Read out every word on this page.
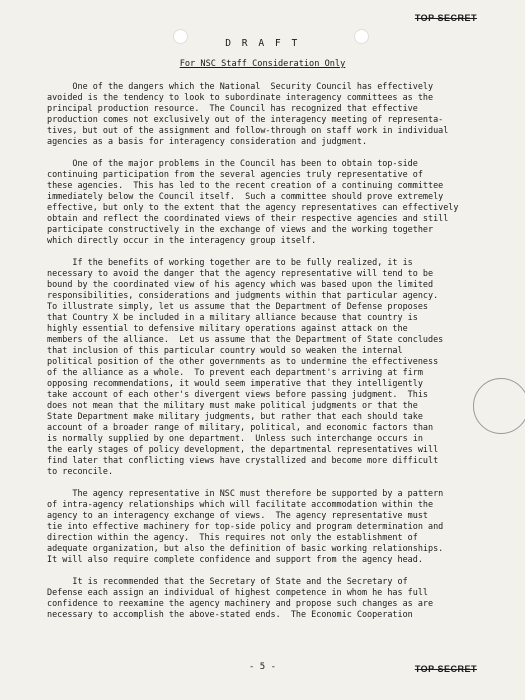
TOP SECRET
D R A F T
For NSC Staff Consideration Only

One of the dangers which the National  Security Council has effectively
avoided is the tendency to look to subordinate interagency committees as the
principal production resource.  The Council has recognized that effective
production comes not exclusively out of the interagency meeting of representa-
tives, but out of the assignment and follow-through on staff work in individual
agencies as a basis for interagency consideration and judgment.

One of the major problems in the Council has been to obtain top-side
continuing participation from the several agencies truly representative of
these agencies.  This has led to the recent creation of a continuing committee
immediately below the Council itself.  Such a committee should prove extremely
effective, but only to the extent that the agency representatives can effectively
obtain and reflect the coordinated views of their respective agencies and still
participate constructively in the exchange of views and the working together
which directly occur in the interagency group itself.

If the benefits of working together are to be fully realized, it is
necessary to avoid the danger that the agency representative will tend to be
bound by the coordinated view of his agency which was based upon the limited
responsibilities, considerations and judgments within that particular agency.
To illustrate simply, let us assume that the Department of Defense proposes
that Country X be included in a military alliance because that country is
highly essential to defensive military operations against attack on the
members of the alliance.  Let us assume that the Department of State concludes
that inclusion of this particular country would so weaken the internal
political position of the other governments as to undermine the effectiveness
of the alliance as a whole.  To prevent each department's arriving at firm
opposing recommendations, it would seem imperative that they intelligently
take account of each other's divergent views before passing judgment.  This
does not mean that the military must make political judgments or that the
State Department make military judgments, but rather that each should take
account of a broader range of military, political, and economic factors than
is normally supplied by one department.  Unless such interchange occurs in
the early stages of policy development, the departmental representatives will
find later that conflicting views have crystallized and become more difficult
to reconcile.

The agency representative in NSC must therefore be supported by a pattern
of intra-agency relationships which will facilitate accommodation within the
agency to an interagency exchange of views.  The agency representative must
tie into effective machinery for top-side policy and program determination and
direction within the agency.  This requires not only the establishment of
adequate organization, but also the definition of basic working relationships.
It will also require complete confidence and support from the agency head.

It is recommended that the Secretary of State and the Secretary of
Defense each assign an individual of highest competence in whom he has full
confidence to reexamine the agency machinery and propose such changes as are
necessary to accomplish the above-stated ends.  The Economic Cooperation

- 5 -	TOP SECRET
